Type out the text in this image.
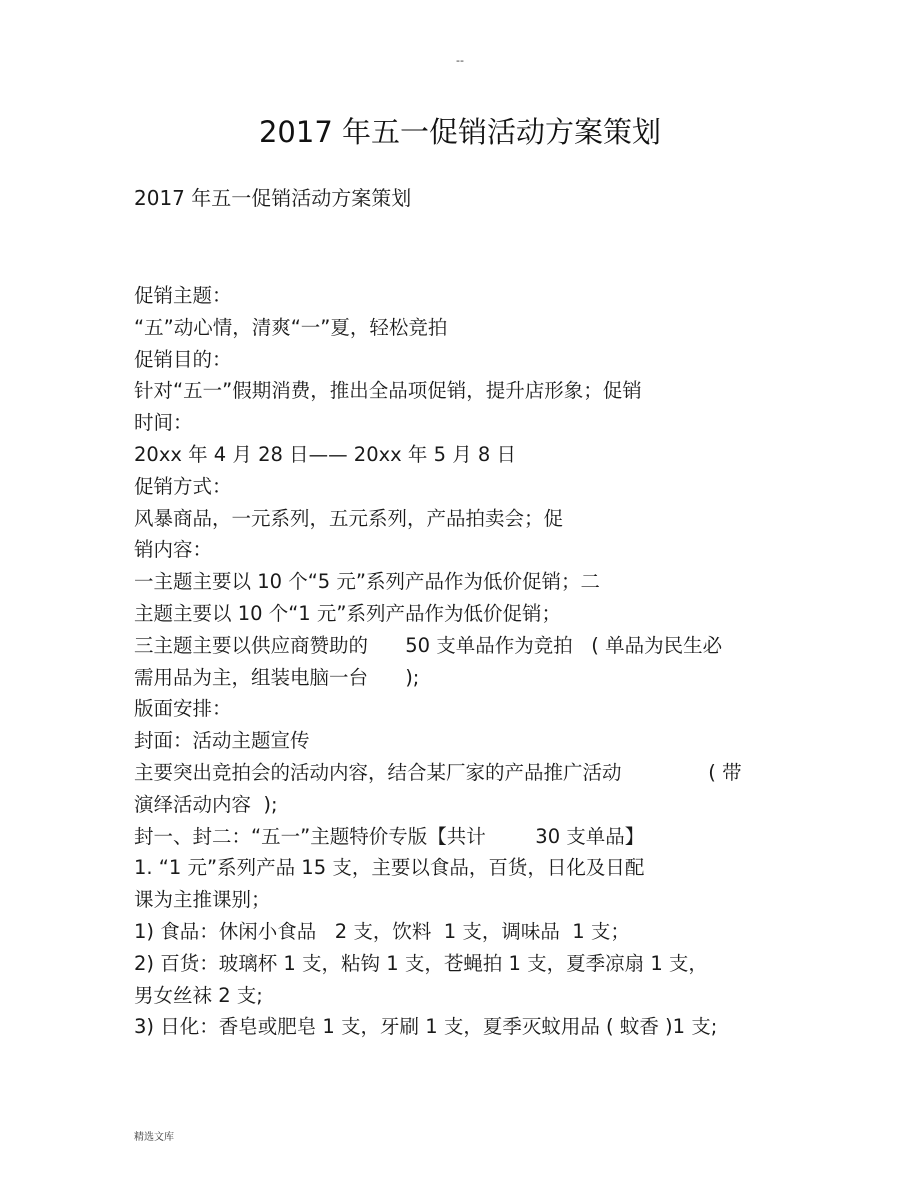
--
2017 年五一促销活动方案策划
2017 年五一促销活动方案策划
促销主题：
“五”动心情，清爽“一”夏，轻松竞拍
促销目的：
针对“五一”假期消费，推出全品项促销，提升店形象；促销
时间：
20xx 年 4 月 28 日—— 20xx 年 5 月 8 日
促销方式：
风暴商品，一元系列，五元系列，产品拍卖会；促
销内容：
一主题主要以 10 个“5 元”系列产品作为低价促销；二
主题主要以 10 个“1 元”系列产品作为低价促销；
三主题主要以供应商赞助的      50 支单品作为竞拍   ( 单品为民生必
需用品为主，组装电脑一台      );
版面安排：
封面：活动主题宣传
主要突出竞拍会的活动内容，结合某厂家的产品推广活动              ( 带
演绎活动内容  );
封一、封二：“五一”主题特价专版【共计        30 支单品】
1. “1 元”系列产品 15 支，主要以食品，百货，日化及日配
课为主推课别；
1) 食品：休闲小食品   2 支，饮料  1 支，调味品  1 支；
2) 百货：玻璃杯 1 支，粘钩 1 支，苍蝇拍 1 支，夏季凉扇 1 支，
男女丝袜 2 支;
3) 日化：香皂或肥皂 1 支，牙刷 1 支，夏季灭蚊用品 ( 蚊香 )1 支;
精选文库
